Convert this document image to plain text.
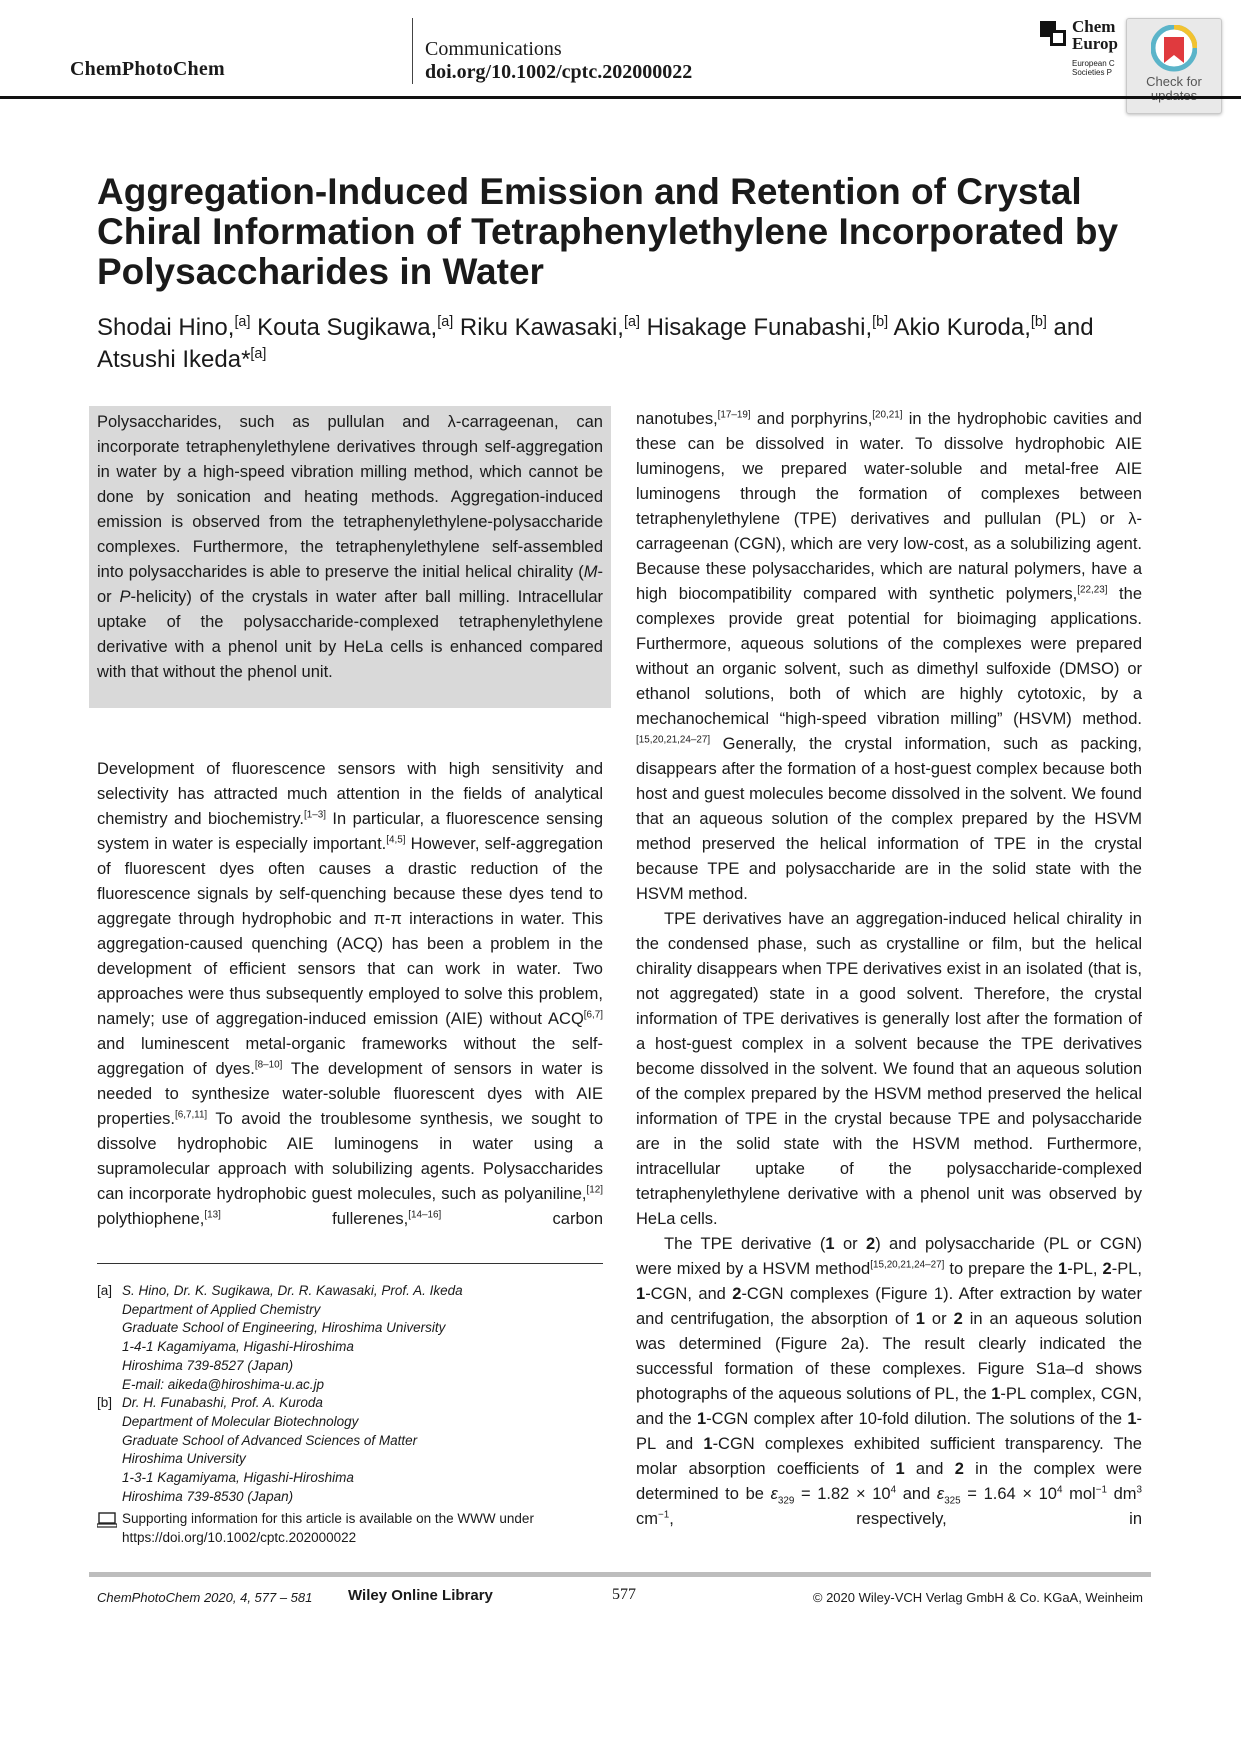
ChemPhotoChem
Communications
doi.org/10.1002/cptc.202000022
Chem
Europ
European C
Societies P
Check for
Aggregation-Induced Emission and Retention of Crystal Chiral Information of Tetraphenylethylene Incorporated by Polysaccharides in Water
Shodai Hino,[a] Kouta Sugikawa,[a] Riku Kawasaki,[a] Hisakage Funabashi,[b] Akio Kuroda,[b] and Atsushi Ikeda*[a]
Polysaccharides, such as pullulan and λ-carrageenan, can incorporate tetraphenylethylene derivatives through self-aggregation in water by a high-speed vibration milling method, which cannot be done by sonication and heating methods. Aggregation-induced emission is observed from the tetraphenylethylene-polysaccharide complexes. Furthermore, the tetraphenylethylene self-assembled into polysaccharides is able to preserve the initial helical chirality (M- or P-helicity) of the crystals in water after ball milling. Intracellular uptake of the polysaccharide-complexed tetraphenylethylene derivative with a phenol unit by HeLa cells is enhanced compared with that without the phenol unit.

Development of fluorescence sensors with high sensitivity and selectivity has attracted much attention in the fields of analytical chemistry and biochemistry.[1–3] In particular, a fluorescence sensing system in water is especially important.[4,5] However, self-aggregation of fluorescent dyes often causes a drastic reduction of the fluorescence signals by self-quenching because these dyes tend to aggregate through hydrophobic and π-π interactions in water. This aggregation-caused quenching (ACQ) has been a problem in the development of efficient sensors that can work in water. Two approaches were thus subsequently employed to solve this problem, namely; use of aggregation-induced emission (AIE) without ACQ[6,7] and luminescent metal-organic frameworks without the self-aggregation of dyes.[8–10] The development of sensors in water is needed to synthesize water-soluble fluorescent dyes with AIE properties.[6,7,11] To avoid the troublesome synthesis, we sought to dissolve hydrophobic AIE luminogens in water using a supramolecular approach with solubilizing agents. Polysaccharides can incorporate hydrophobic guest molecules, such as polyaniline,[12] polythiophene,[13] fullerenes,[14–16] carbon

nanotubes,[17–19] and porphyrins,[20,21] in the hydrophobic cavities and these can be dissolved in water. To dissolve hydrophobic AIE luminogens, we prepared water-soluble and metal-free AIE luminogens through the formation of complexes between tetraphenylethylene (TPE) derivatives and pullulan (PL) or λ-carrageenan (CGN), which are very low-cost, as a solubilizing agent. Because these polysaccharides, which are natural polymers, have a high biocompatibility compared with synthetic polymers,[22,23] the complexes provide great potential for bioimaging applications. Furthermore, aqueous solutions of the complexes were prepared without an organic solvent, such as dimethyl sulfoxide (DMSO) or ethanol solutions, both of which are highly cytotoxic, by a mechanochemical “high-speed vibration milling” (HSVM) method.[15,20,21,24–27] Generally, the crystal information, such as packing, disappears after the formation of a host-guest complex because both host and guest molecules become dissolved in the solvent. We found that an aqueous solution of the complex prepared by the HSVM method preserved the helical information of TPE in the crystal because TPE and polysaccharide are in the solid state with the HSVM method.

TPE derivatives have an aggregation-induced helical chirality in the condensed phase, such as crystalline or film, but the helical chirality disappears when TPE derivatives exist in an isolated (that is, not aggregated) state in a good solvent. Therefore, the crystal information of TPE derivatives is generally lost after the formation of a host-guest complex in a solvent because the TPE derivatives become dissolved in the solvent. We found that an aqueous solution of the complex prepared by the HSVM method preserved the helical information of TPE in the crystal because TPE and polysaccharide are in the solid state with the HSVM method. Furthermore, intracellular uptake of the polysaccharide-complexed tetraphenylethylene derivative with a phenol unit was observed by HeLa cells.

The TPE derivative (1 or 2) and polysaccharide (PL or CGN) were mixed by a HSVM method[15,20,21,24–27] to prepare the 1-PL, 2-PL, 1-CGN, and 2-CGN complexes (Figure 1). After extraction by water and centrifugation, the absorption of 1 or 2 in an aqueous solution was determined (Figure 2a). The result clearly indicated the successful formation of these complexes. Figure S1a–d shows photographs of the aqueous solutions of PL, the 1-PL complex, CGN, and the 1-CGN complex after 10-fold dilution. The solutions of the 1-PL and 1-CGN complexes exhibited sufficient transparency. The molar absorption coefficients of 1 and 2 in the complex were determined to be $\varepsilon_{329} = 1.82 \times 10^4$ and $\varepsilon_{325} = 1.64 \times 10^4$ mol$^{-1}$ $dm^3$ $cm^{-1}$, respectively, in

[a] S. Hino, Dr. K. Sugikawa, Dr. R. Kawasaki, Prof. A. Ikeda
Department of Applied Chemistry
Graduate School of Engineering, Hiroshima University
1-4-1 Kagamiyama, Higashi-Hiroshima
Hiroshima 739-8527 (Japan)
E-mail: aikeda@hiroshima-u.ac.jp
[b] Dr. H. Funabashi, Prof. A. Kuroda
Department of Molecular Biotechnology
Graduate School of Advanced Sciences of Matter
Hiroshima University
1-3-1 Kagamiyama, Higashi-Hiroshima
Hiroshima 739-8530 (Japan)
Supporting information for this article is available on the WWW under https://doi.org/10.1002/cptc.202000022
ChemPhotoChem 2020, 4, 577 – 581 Wiley Online Library	577	© 2020 Wiley-VCH Verlag GmbH & Co. KGaA, Weinheim
